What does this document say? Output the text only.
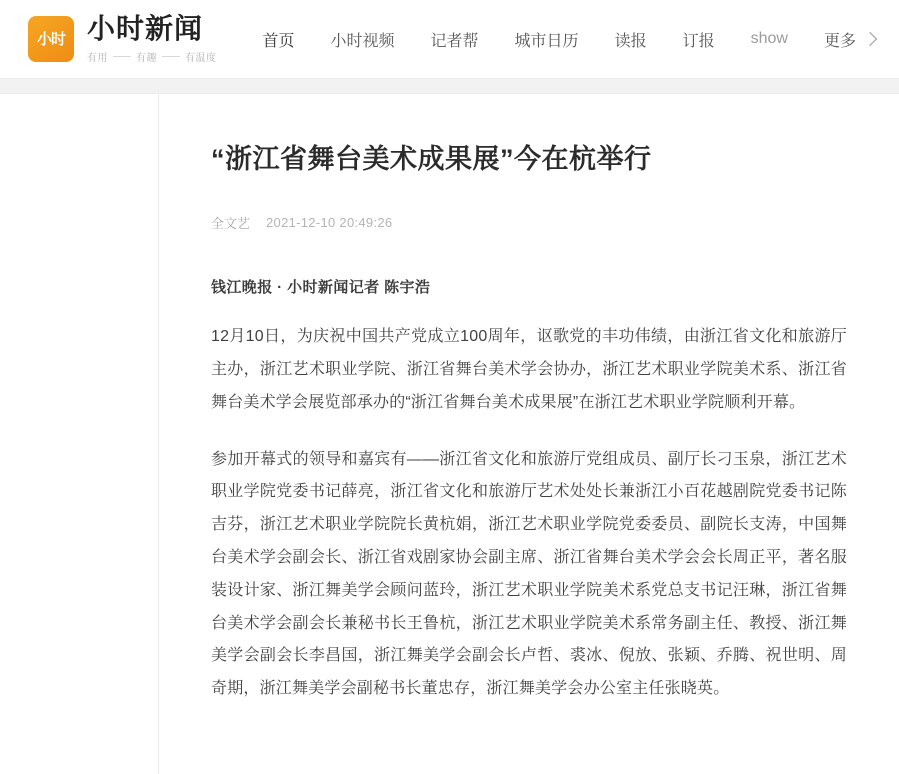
小时 小时新闻
有用	有趣	有温度
首页 小时视频 记者帮 城市日历 读报 订报 show 更多
“浙江省舞台美术成果展”今在杭举行
全文艺 2021-12-10 20:49:26
钱江晚报 · 小时新闻记者 陈宇浩

12月10日，为庆祝中国共产党成立100周年，讴歌党的丰功伟绩，由浙江省文化和旅游厅主办，浙江艺术职业学院、浙江省舞台美术学会协办，浙江艺术职业学院美术系、浙江省舞台美术学会展览部承办的“浙江省舞台美术成果展”在浙江艺术职业学院顺利开幕。

参加开幕式的领导和嘉宾有——浙江省文化和旅游厅党组成员、副厅长刁玉泉，浙江艺术职业学院党委书记薛亮，浙江省文化和旅游厅艺术处处长兼浙江小百花越剧院党委书记陈吉芬，浙江艺术职业学院院长黄杭娟，浙江艺术职业学院党委委员、副院长支涛，中国舞台美术学会副会长、浙江省戏剧家协会副主席、浙江省舞台美术学会会长周正平，著名服装设计家、浙江舞美学会顾问蓝玲，浙江艺术职业学院美术系党总支书记汪琳，浙江省舞台美术学会副会长兼秘书长王鲁杭，浙江艺术职业学院美术系常务副主任、教授、浙江舞美学会副会长李昌国，浙江舞美学会副会长卢哲、裘冰、倪放、张颖、乔腾、祝世明、周奇期，浙江舞美学会副秘书长董忠存，浙江舞美学会办公室主任张晓英。
